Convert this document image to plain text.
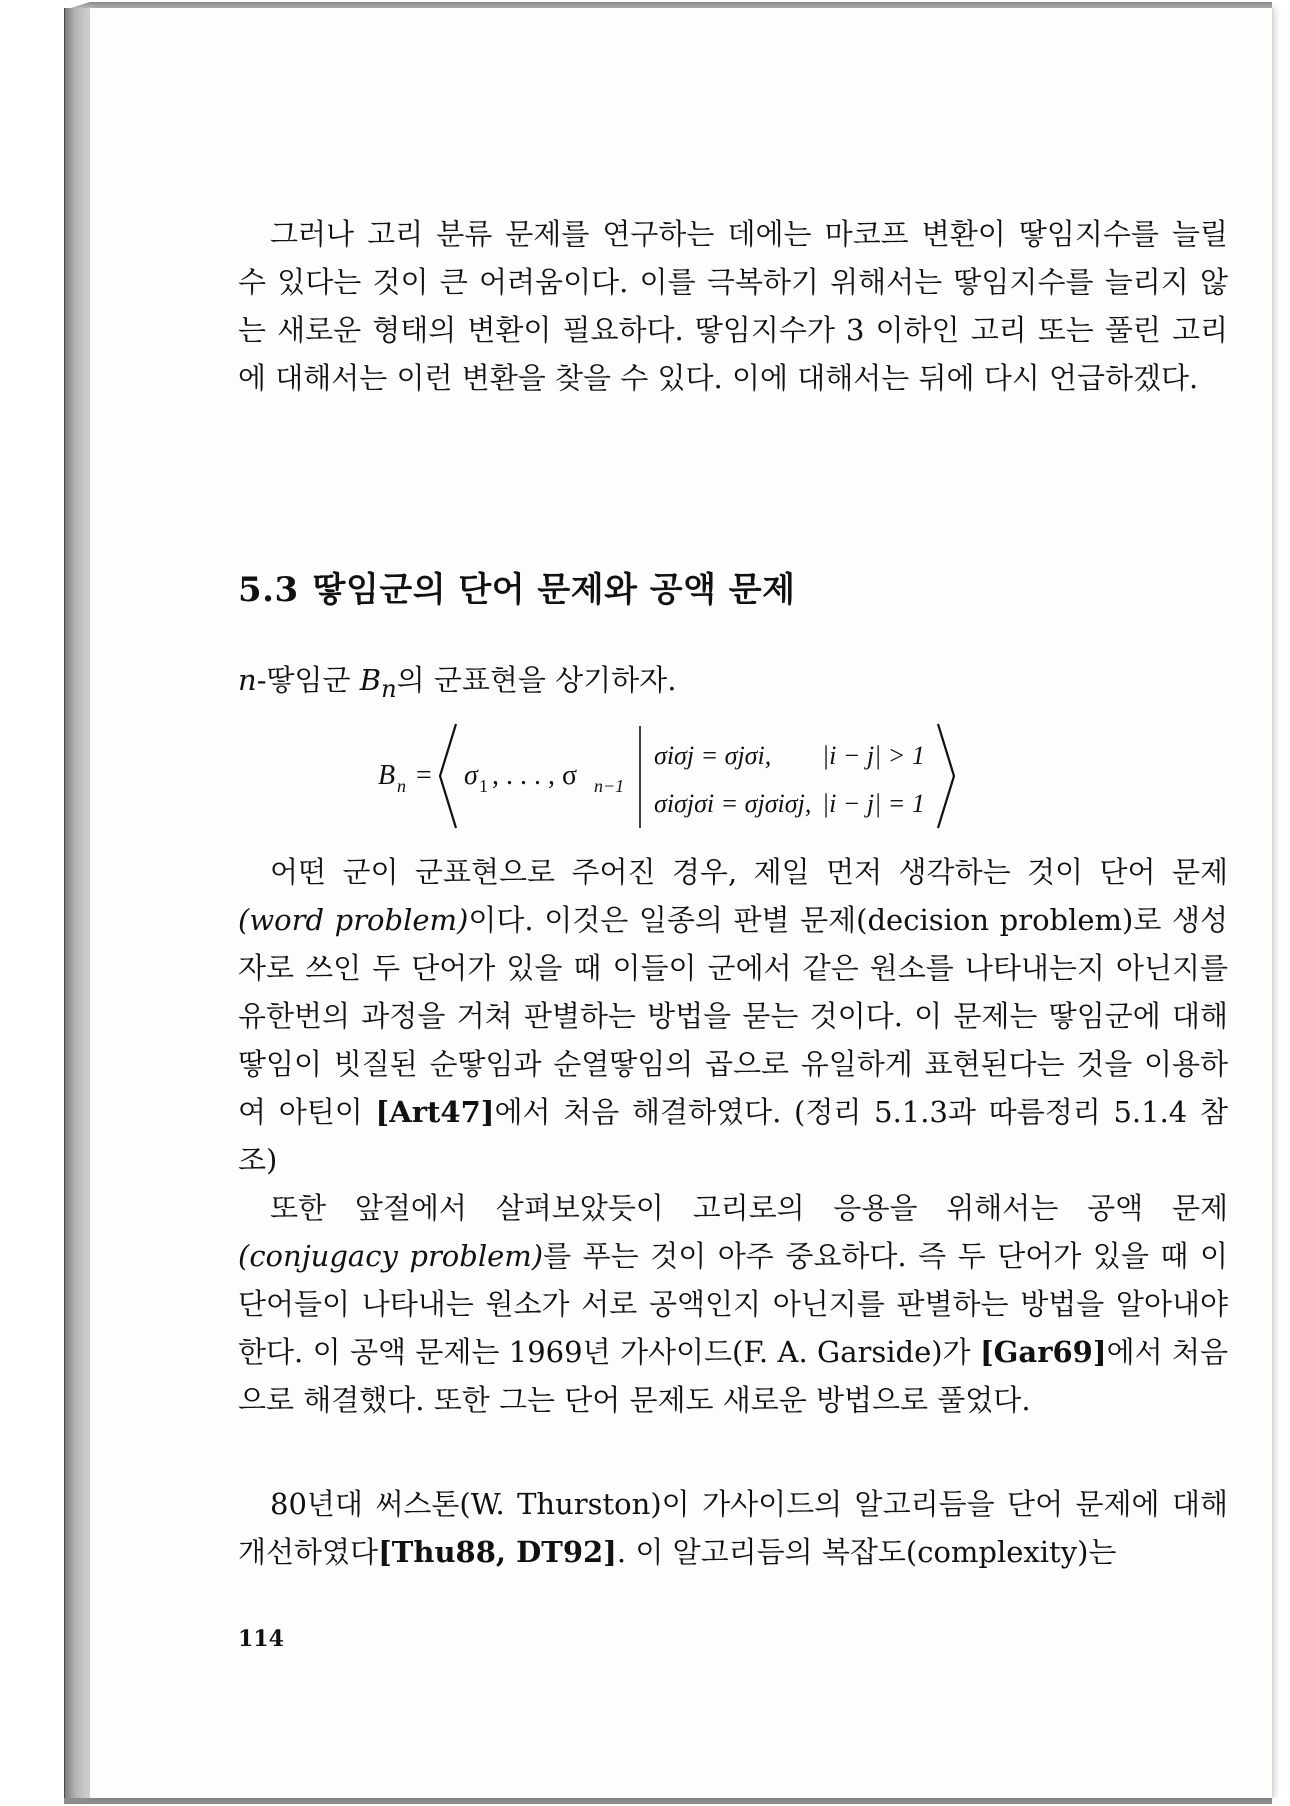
그러나 고리 분류 문제를 연구하는 데에는 마코프 변환이 땋임지수를 늘릴 수 있다는 것이 큰 어려움이다. 이를 극복하기 위해서는 땋임지수를 늘리지 않는 새로운 형태의 변환이 필요하다. 땋임지수가 3 이하인 고리 또는 풀린 고리에 대해서는 이런 변환을 찾을 수 있다. 이에 대해서는 뒤에 다시 언급하겠다.

5.3 땋임군의 단어 문제와 공액 문제
n-땋임군 $B_n$의 군표현을 상기하자.
B n = σ 1 , . . . , σ n−1
σiσj = σjσi, |i − j| > 1
σiσjσi = σjσiσj, |i − j| = 1

어떤 군이 군표현으로 주어진 경우, 제일 먼저 생각하는 것이 단어 문제(word problem)이다. 이것은 일종의 판별 문제(decision problem)로 생성자로 쓰인 두 단어가 있을 때 이들이 군에서 같은 원소를 나타내는지 아닌지를 유한번의 과정을 거쳐 판별하는 방법을 묻는 것이다. 이 문제는 땋임군에 대해 땋임이 빗질된 순땋임과 순열땋임의 곱으로 유일하게 표현된다는 것을 이용하여 아틴이 [Art47]에서 처음 해결하였다. (정리 5.1.3과 따름정리 5.1.4 참조)

또한 앞절에서 살펴보았듯이 고리로의 응용을 위해서는 공액 문제(conjugacy problem)를 푸는 것이 아주 중요하다. 즉 두 단어가 있을 때 이 단어들이 나타내는 원소가 서로 공액인지 아닌지를 판별하는 방법을 알아내야 한다. 이 공액 문제는 1969년 가사이드(F. A. Garside)가 [Gar69]에서 처음으로 해결했다. 또한 그는 단어 문제도 새로운 방법으로 풀었다.

80년대 써스톤(W. Thurston)이 가사이드의 알고리듬을 단어 문제에 대해 개선하였다[Thu88, DT92]. 이 알고리듬의 복잡도(complexity)는

114
